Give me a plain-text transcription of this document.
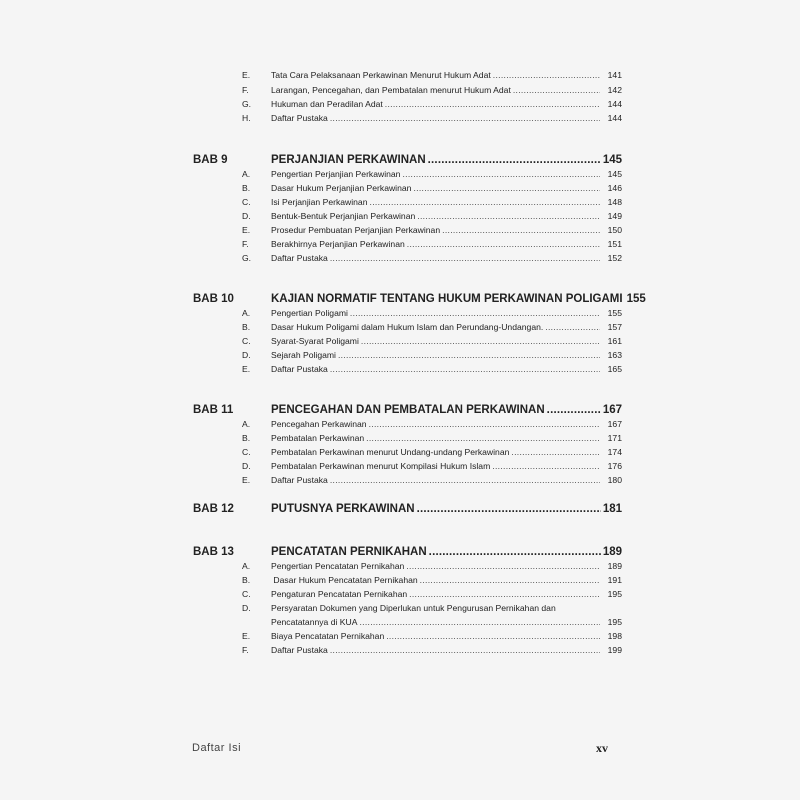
E. Tata Cara Pelaksanaan Perkawinan Menurut Hukum Adat .....	141
F.	Larangan, Pencegahan, dan Pembatalan menurut Hukum Adat .....	142
G. Hukuman dan Peradilan Adat .....	144
H. Daftar Pustaka .....	144
BAB 9	PERJANJIAN PERKAWINAN .....	145
A. Pengertian Perjanjian Perkawinan .....	145
B. Dasar Hukum Perjanjian Perkawinan .....	146
C. Isi Perjanjian Perkawinan .....	148
D. Bentuk-Bentuk Perjanjian Perkawinan .....	149
E. Prosedur Pembuatan Perjanjian Perkawinan .....	150
F.	Berakhirnya Perjanjian Perkawinan .....	151
G. Daftar Pustaka .....	152
BAB 10	KAJIAN NORMATIF TENTANG HUKUM PERKAWINAN POLIGAMI 155
A. Pengertian Poligami .....	155
B. Dasar Hukum Poligami dalam Hukum Islam dan Perundang-Undangan. .....	157
C. Syarat-Syarat Poligami .....	161
D. Sejarah Poligami .....	163
E. Daftar Pustaka .....	165
BAB 11	PENCEGAHAN DAN PEMBATALAN PERKAWINAN .....	167
A. Pencegahan Perkawinan .....	167
B. Pembatalan Perkawinan .....	171
C. Pembatalan Perkawinan menurut Undang-undang Perkawinan .....	174
D. Pembatalan Perkawinan menurut Kompilasi Hukum Islam .....	176
E. Daftar Pustaka .....	180
BAB 12	PUTUSNYA PERKAWINAN .....	181
BAB 13	PENCATATAN PERNIKAHAN .....	189
A. Pengertian Pencatatan Pernikahan .....	189
B. Dasar Hukum Pencatatan Pernikahan .....	191
C. Pengaturan Pencatatan Pernikahan .....	195
D. Persyaratan Dokumen yang Diperlukan untuk Pengurusan Pernikahan dan
Pencatatannya di KUA .....	195
E. Biaya Pencatatan Pernikahan .....	198
F.	Daftar Pustaka .....	199
Daftar Isi	xv
